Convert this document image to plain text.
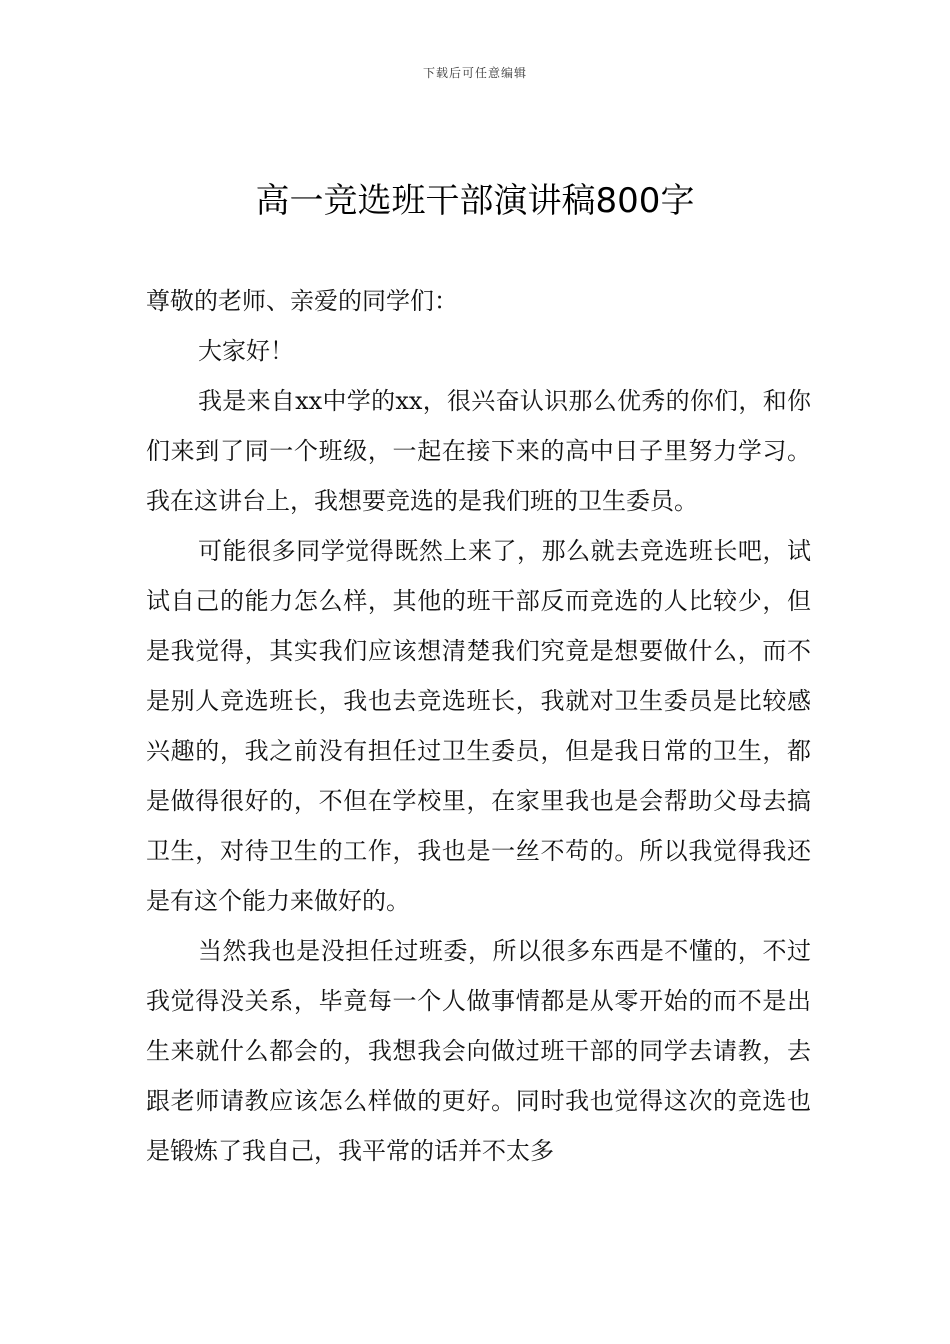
下载后可任意编辑
高一竞选班干部演讲稿800字

尊敬的老师、亲爱的同学们：

大家好！

我是来自xx中学的xx，很兴奋认识那么优秀的你们，和你们来到了同一个班级，一起在接下来的高中日子里努力学习。我在这讲台上，我想要竞选的是我们班的卫生委员。

可能很多同学觉得既然上来了，那么就去竞选班长吧，试试自己的能力怎么样，其他的班干部反而竞选的人比较少，但是我觉得，其实我们应该想清楚我们究竟是想要做什么，而不是别人竞选班长，我也去竞选班长，我就对卫生委员是比较感兴趣的，我之前没有担任过卫生委员，但是我日常的卫生，都是做得很好的，不但在学校里，在家里我也是会帮助父母去搞卫生，对待卫生的工作，我也是一丝不苟的。所以我觉得我还是有这个能力来做好的。

当然我也是没担任过班委，所以很多东西是不懂的，不过我觉得没关系，毕竟每一个人做事情都是从零开始的而不是出生来就什么都会的，我想我会向做过班干部的同学去请教，去跟老师请教应该怎么样做的更好。同时我也觉得这次的竞选也是锻炼了我自己，我平常的话并不太多
